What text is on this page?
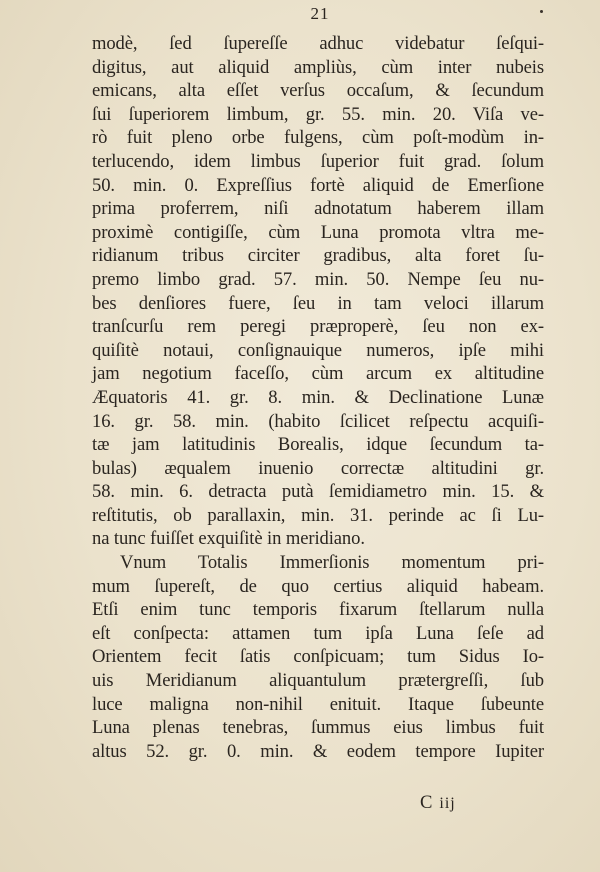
21
modè, ſed ſupereſſe adhuc videbatur ſeſqui-
digitus, aut aliquid ampliùs, cùm inter nubeis
emicans, alta eſſet verſus occaſum, & ſecundum
ſui ſuperiorem limbum, gr. 55. min. 20. Viſa ve-
rò fuit pleno orbe fulgens, cùm poſt-modùm in-
terlucendo, idem limbus ſuperior fuit grad. ſolum
50. min. 0. Expreſſius fortè aliquid de Emerſione
prima proferrem, niſi adnotatum haberem illam
proximè contigiſſe, cùm Luna promota vltra me-
ridianum tribus circiter gradibus, alta foret ſu-
premo limbo grad. 57. min. 50. Nempe ſeu nu-
bes denſiores fuere, ſeu in tam veloci illarum
tranſcurſu rem peregi præproperè, ſeu non ex-
quiſitè notaui, conſignauique numeros, ipſe mihi
jam negotium faceſſo, cùm arcum ex altitudine
Æquatoris 41. gr. 8. min. & Declinatione Lunæ
16. gr. 58. min. (habito ſcilicet reſpectu acquiſi-
tæ jam latitudinis Borealis, idque ſecundum ta-
bulas) æqualem inuenio correctæ altitudini gr.
58. min. 6. detracta putà ſemidiametro min. 15. &
reſtitutis, ob parallaxin, min. 31. perinde ac ſi Lu-
na tunc fuiſſet exquiſitè in meridiano.
Vnum Totalis Immerſionis momentum pri-
mum ſupereſt, de quo certius aliquid habeam.
Etſi enim tunc temporis fixarum ſtellarum nulla
eſt conſpecta: attamen tum ipſa Luna ſeſe ad
Orientem fecit ſatis conſpicuam; tum Sidus Io-
uis Meridianum aliquantulum prætergreſſi, ſub
luce maligna non-nihil enituit. Itaque ſubeunte
Luna plenas tenebras, ſummus eius limbus fuit
altus 52. gr. 0. min. & eodem tempore Iupiter
C iij
